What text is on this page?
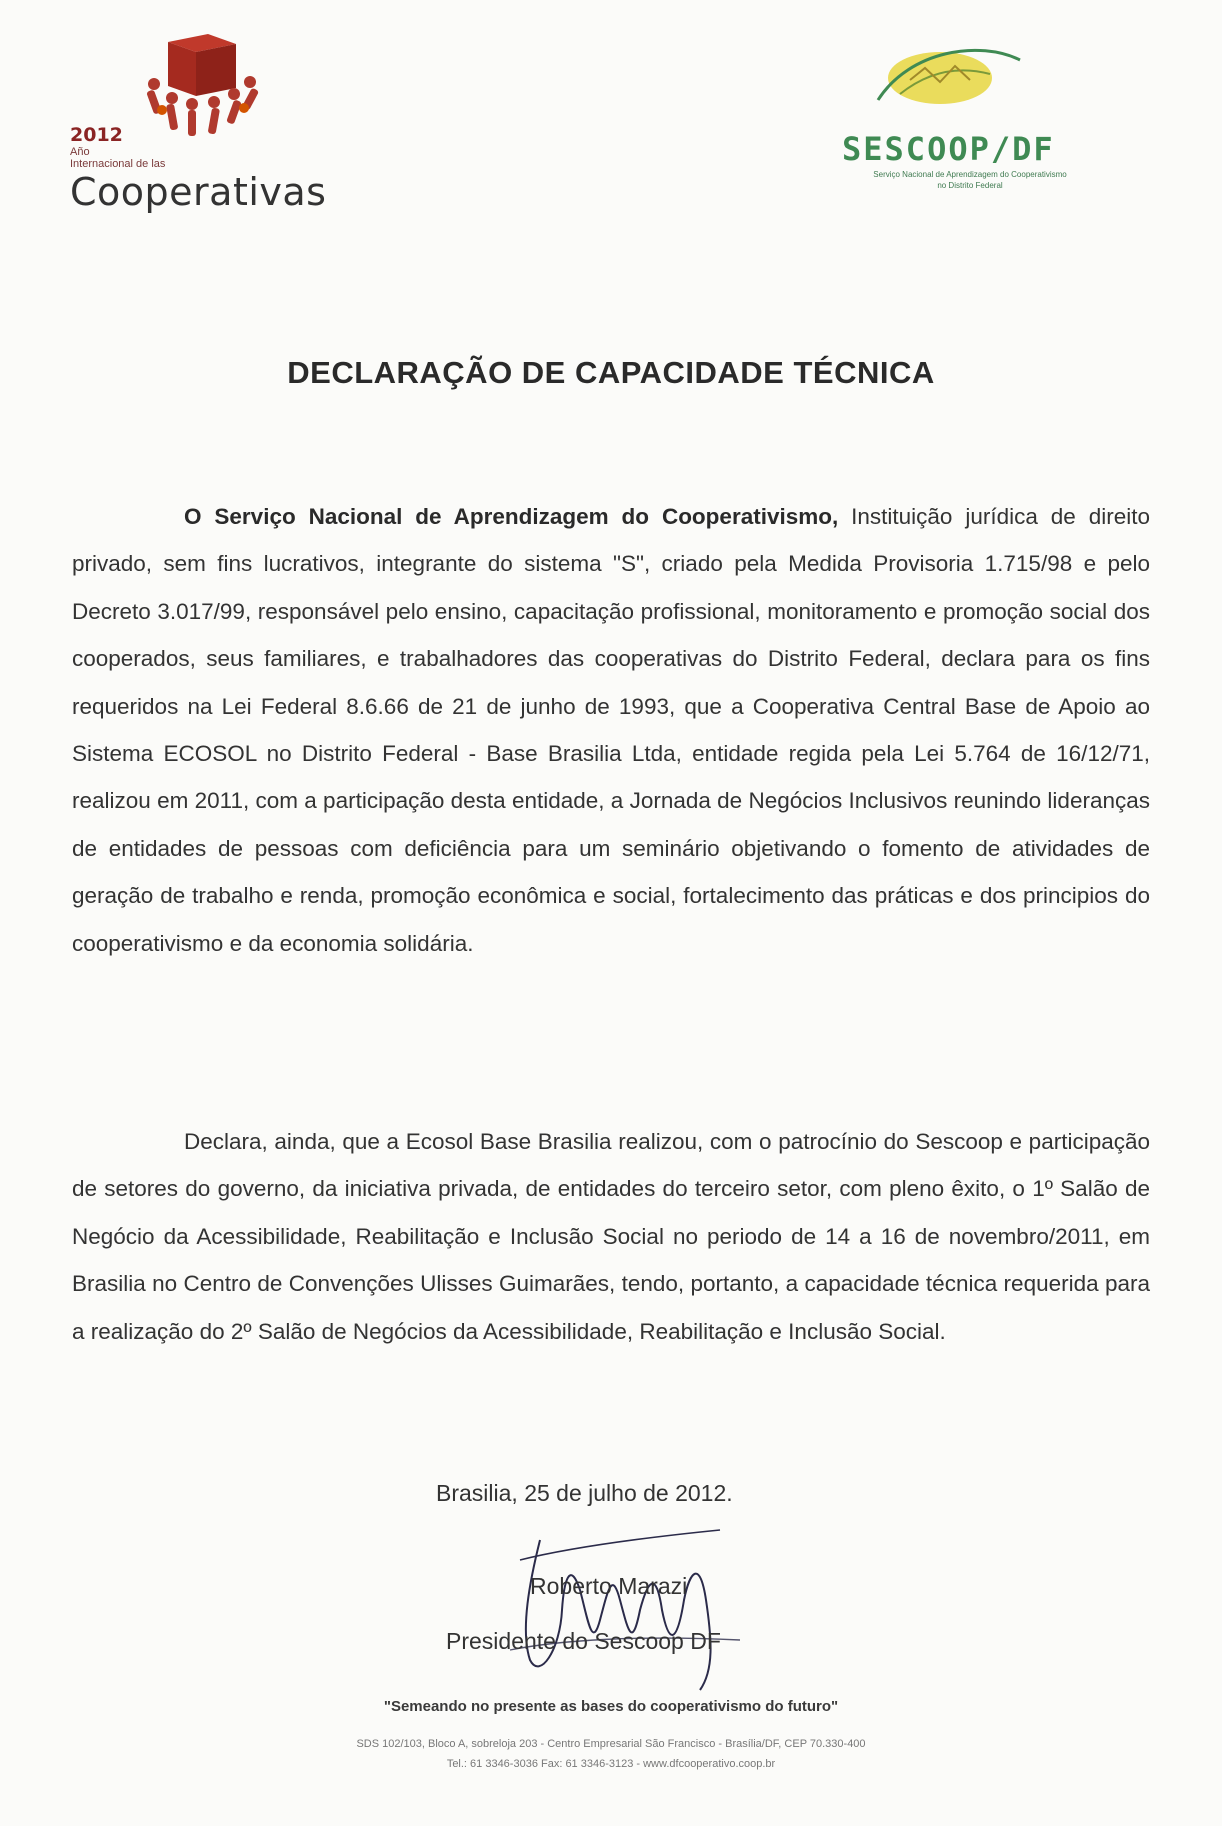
2012
Año
Internacional de las
Cooperativas
SESCOOP/DF
Serviço Nacional de Aprendizagem do Cooperativismo
no Distrito Federal
DECLARAÇÃO DE CAPACIDADE TÉCNICA
O Serviço Nacional de Aprendizagem do Cooperativismo, Instituição jurídica de direito privado, sem fins lucrativos, integrante do sistema "S", criado pela Medida Provisoria 1.715/98 e pelo Decreto 3.017/99, responsável pelo ensino, capacitação profissional, monitoramento e promoção social dos cooperados, seus familiares, e trabalhadores das cooperativas do Distrito Federal, declara para os fins requeridos na Lei Federal 8.6.66 de 21 de junho de 1993, que a Cooperativa Central Base de Apoio ao Sistema ECOSOL no Distrito Federal - Base Brasilia Ltda, entidade regida pela Lei 5.764 de 16/12/71, realizou em 2011, com a participação desta entidade, a Jornada de Negócios Inclusivos reunindo lideranças de entidades de pessoas com deficiência para um seminário objetivando o fomento de atividades de geração de trabalho e renda, promoção econômica e social, fortalecimento das práticas e dos principios do cooperativismo e da economia solidária.
Declara, ainda, que a Ecosol Base Brasilia realizou, com o patrocínio do Sescoop e participação de setores do governo, da iniciativa privada, de entidades do terceiro setor, com pleno êxito, o 1º Salão de Negócio da Acessibilidade, Reabilitação e Inclusão Social no periodo de 14 a 16 de novembro/2011, em Brasilia no Centro de Convenções Ulisses Guimarães, tendo, portanto, a capacidade técnica requerida para a realização do 2º Salão de Negócios da Acessibilidade, Reabilitação e Inclusão Social.
Brasilia, 25 de julho de 2012.
Roberto Marazi
Presidente do Sescoop DF
"Semeando no presente as bases do cooperativismo do futuro"
SDS 102/103, Bloco A, sobreloja 203 - Centro Empresarial São Francisco - Brasília/DF, CEP 70.330-400
Tel.: 61 3346-3036 Fax: 61 3346-3123 - www.dfcooperativo.coop.br
